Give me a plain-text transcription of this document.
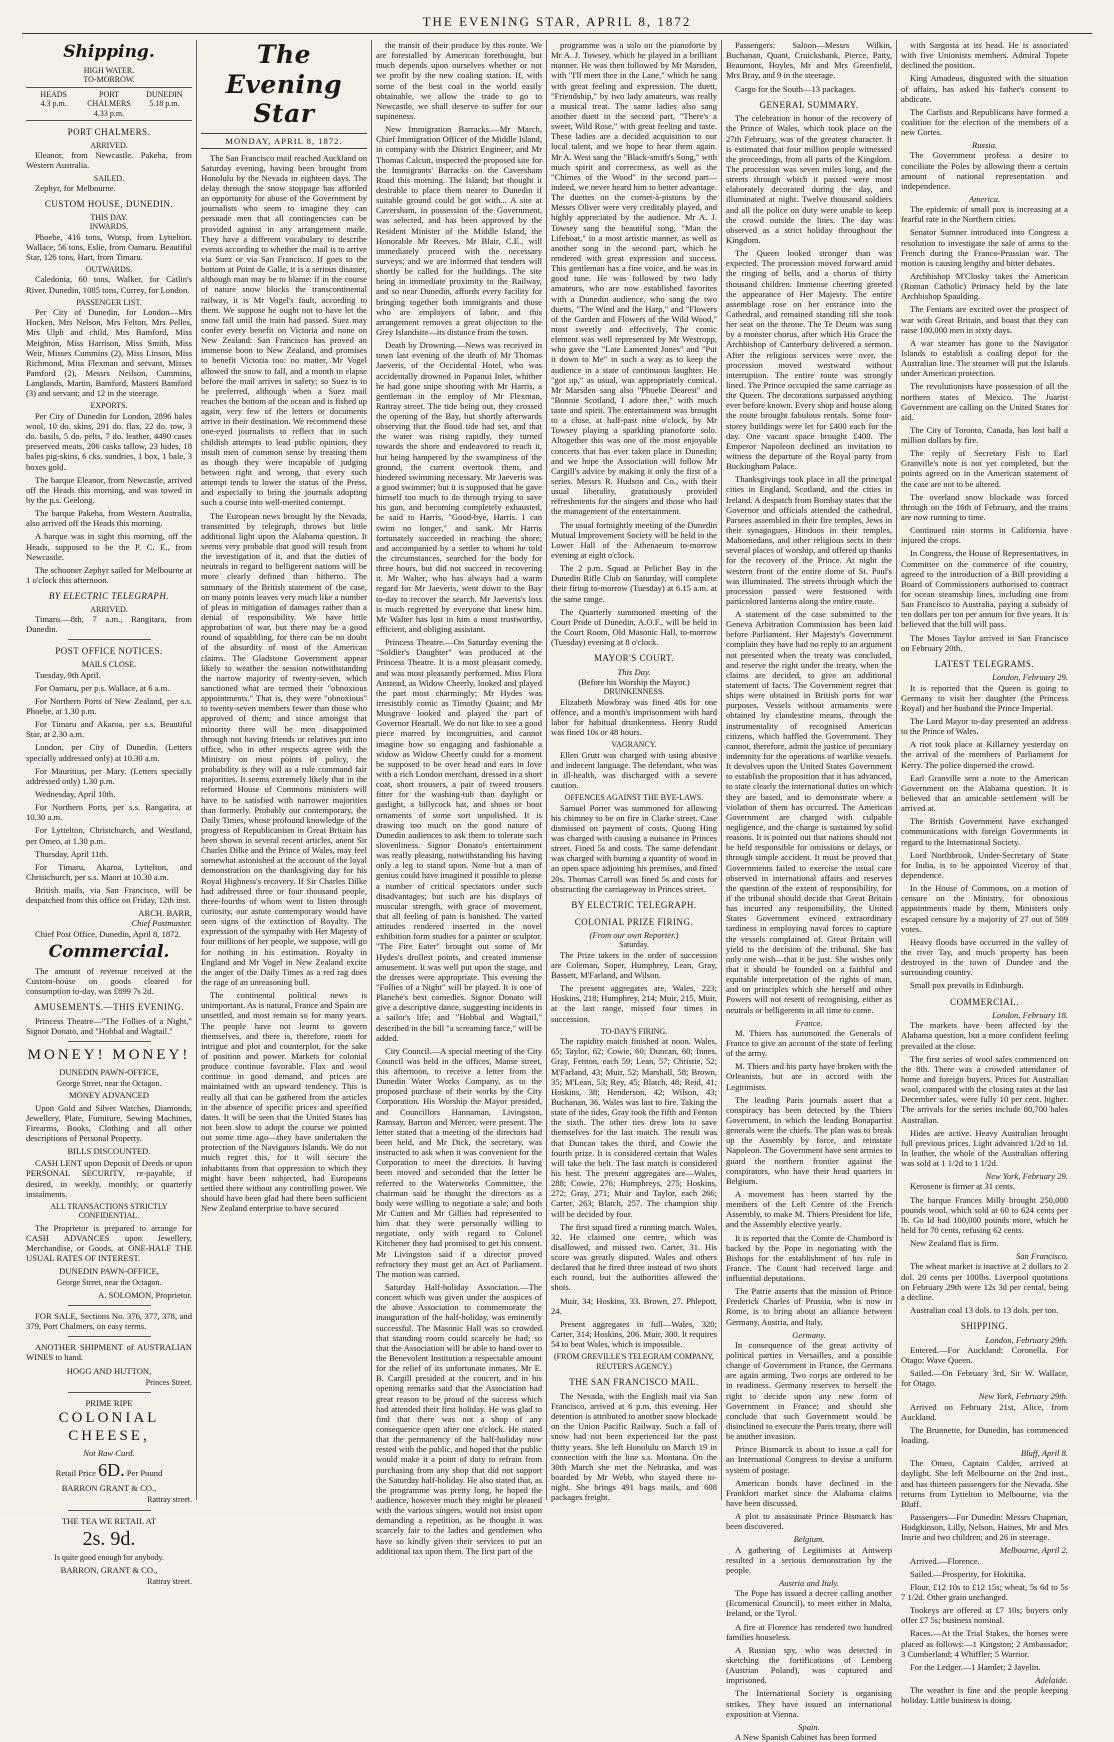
THE EVENING STAR, APRIL 8, 1872
Shipping.
HIGH WATER.
TO-MORROW.
HEADS
4.3 p.m.
PORT CHALMERS
4.33 p.m.
DUNEDIN
5.18 p.m.
PORT CHALMERS.
ARRIVED.

Eleanor, from Newcastle. Pakeha, from Western Australia.

SAILED.

Zephyr, for Melbourne.

CUSTOM HOUSE, DUNEDIN.
THIS DAY.
INWARDS.

Phoebe, 416 tons, Worsp, from Lyttelton. Wallace, 56 tons, Eslie, from Oamaru. Beautiful Star, 126 tons, Hart, from Timaru.

OUTWARDS.

Caledonia, 60 tons, Walker, for Catlin's River. Dunedin, 1085 tons, Currey, for London.

PASSENGER LIST.

Per City of Dunedin, for London—Mrs Hocken, Mrs Nelson, Mrs Felton, Mrs Pelles, Mrs Ulph and child, Mrs Bamford, Miss Meighton, Miss Harrison, Miss Smith, Miss Weir, Misses Cummins (2), Miss Linson, Miss Richmond, Miss Flexman and servant, Misses Pamford (2), Messrs Neilson, Cummins, Langlands, Martin, Bamford, Masters Bamford (3) and servant; and 12 in the steerage.

EXPORTS.

Per City of Dunedin for London, 2896 bales wool, 10 do. skins, 291 do. flax, 22 do. tow, 3 do. basils, 5 do. pelts, 7 do. leather, 4490 cases preserved meats, 206 casks tallow, 23 hides, 18 bales pig-skins, 6 cks. sundries, 1 box, 1 bale, 3 boxes gold.

The barque Eleanor, from Newcastle, arrived off the Heads this morning, and was towed in by the p.s. Geelong.

The barque Pakeha, from Western Australia, also arrived off the Heads this morning.

A barque was in sight this morning, off the Heads, supposed to be the P. C. E., from Newcastle.

The schooner Zephyr sailed for Melbourne at 1 o'clock this afternoon.

BY ELECTRIC TELEGRAPH.
ARRIVED.

Timaru.—8th, 7 a.m., Rangitara, from Dunedin.

POST OFFICE NOTICES.
MAILS CLOSE.

Tuesday, 9th April.

For Oamaru, per p.s. Wallace, at 6 a.m.

For Northern Ports of New Zealand, per s.s. Phoebe, at 1.30 p.m.

For Timaru and Akaroa, per s.s. Beautiful Star, at 2.30 a.m.

London, per City of Dunedin. (Letters specially addressed only) at 10.30 a.m.

For Mauritius, per Mary. (Letters specially addressed only) 1.30 p.m.

Wednesday, April 10th.

For Northern Ports, per s.s. Rangatira, at 10.30 a.m.

For Lyttelton, Christchurch, and Westland, per Omeo, at 1.30 p.m.

Thursday, April 11th.

For Timaru, Akaroa, Lyttelton, and Christchurch, per s.s. Maori at 10.30 a.m.

British mails, via San Francisco, will be despatched from this office on Friday, 12th inst.

ARCH. BARR,
Chief Postmaster.

Chief Post Office, Dunedin, April 8, 1872.

Commercial.

The amount of revenue received at the Custom-house on goods cleared for consumption to-day, was £899 7s 2d.

AMUSEMENTS.—THIS EVENING.

Princess Theatre—"The Follies of a Night," Signor Donato, and "Hobbal and Wagtail."

MONEY! MONEY!
DUNEDIN PAWN-OFFICE,
George Street, near the Octagon.
MONEY ADVANCED

Upon Gold and Silver Watches, Diamonds, Jewellery, Plate, Furniture, Sewing Machines, Firearms, Books, Clothing and all other descriptions of Personal Property.

BILLS DISCOUNTED.

CASH LENT upon Deposit of Deeds or upon PERSONAL SECURITY, re-payable, if desired, in weekly, monthly, or quarterly instalments.

ALL TRANSACTIONS STRICTLY CONFIDENTIAL.

The Proprietor is prepared to arrange for CASH ADVANCES upon Jewellery, Merchandise, or Goods, at ONE-HALF THE USUAL RATES OF INTEREST.

DUNEDIN PAWN-OFFICE,
George Street, near the Octagon.
A. SOLOMON, Proprietor.

FOR SALE, Sections No. 376, 377, 378, and 379, Port Chalmers, on easy terms.

ANOTHER SHIPMENT of AUSTRALIAN WINES to hand.

HOGG AND HUTTON,
Princes Street.
PRIME RIPE
COLONIAL CHEESE,
Not Raw Curd.
Retail Price 6D. Per Pound
BARRON GRANT & CO.,
Rattray street.
THE TEA WE RETAIL AT
2s. 9d.
Is quite good enough for anybody.
BARRON, GRANT & CO.,
Rattray street.
The Evening Star
MONDAY, APRIL 8, 1872.

The San Francisco mail reached Auckland on Saturday evening, having been brought from Honolulu by the Nevada in eighteen days. The delay through the snow stoppage has afforded an opportunity for abuse of the Government by journalists who seem to imagine they can persuade men that all contingencies can be provided against in any arrangement made. They have a different vocabulary to describe events according to whether the mail is to arrive via Suez or via San Francisco. If goes to the bottom at Point de Galle, it is a serious disaster, although man may be to blame: if in the course of nature snow blocks the transcontinental railway, it is Mr Vogel's fault, according to them. We suppose he ought not to have let the snow fall until the train had passed. Suez may confer every benefit on Victoria and none on New Zealand: San Francisco has proved an immense boon to New Zealand, and promises to benefit Victoria too: no matter, Mr Vogel allowed the snow to fall, and a month to elapse before the mail arrives in safety; so Suez is to be preferred, although when a Suez mail reaches the bottom of the ocean and is fished up again, very few of the letters or documents arrive in their destination. We recommend these one-eyed journalists to reflect that in such childish attempts to lead public opinion, they insult men of common sense by treating them as though they were incapable of judging between right and wrong, that every such attempt tends to lower the status of the Press, and especially to bring the journals adopting such a course into well-merited contempt.

The European news brought by the Nevada, transmitted by telegraph, throws but little additional light upon the Alabama question. It seems very probable that good will result from the investigation of it, and that the duties of neutrals in regard to belligerent nations will be more clearly defined than hitherto. The summary of the British statement of the case, on many points leaves very much like a number of pleas in mitigation of damages rather than a denial of responsibility. We have little approbation of war, but there may be a good round of squabbling, for there can be no doubt of the absurdity of most of the American claims. The Gladstone Government appear likely to weather the session notwithstanding the narrow majority of twenty-seven, which sanctioned what are termed their "obnoxious appointments." That is, they were "obnoxious" to twenty-seven members fewer than those who approved of them; and since amongst that minority there will be men disappointed through not having friends or relatives put into office, who in other respects agree with the Ministry on most points of policy, the probability is they will as a rule command fair majorities. It seems extremely likely that in the reformed House of Commons ministers will have to be satisfied with narrower majorities than formerly. Probably our contemporary, the Daily Times, whose profound knowledge of the progress of Republicanism in Great Britain has been shown in several recent articles, anent Sir Charles Dilke and the Prince of Wales, may feel somewhat astonished at the account of the loyal demonstration on the thanksgiving day for his Royal Highness's recovery. If Sir Charles Dilke had addressed three or four thousand people, three-fourths of whom went to listen through curiosity, our astute contemporary would have seen signs of the extinction of Royalty. The expression of the sympathy with Her Majesty of four millions of her people, we suppose, will go for nothing in his estimation. Royalty in England and Mr Vogel in New Zealand excite the anger of the Daily Times as a red rag does the rage of an unreasoning bull.

The continental political news is unimportant. As is natural, France and Spain are unsettled, and most remain so for many years. The people have not learnt to govern themselves, and there is, therefore, room for intrigue and plot and counterplot, for the sake of position and power. Markets for colonial produce continue favorable. Flax and wool continue in good demand, and prices are maintained with an upward tendency. This is really all that can be gathered from the articles in the absence of specific prices and specified dates. It will be seen that the United States has not been slow to adopt the course we pointed out some time ago—they have undertaken the protection of the Navigators Islands. We do not much regret this, for it will secure the inhabitants from that oppression to which they might have been subjected, had Europeans settled there without any controlling power. We should have been glad had there been sufficient New Zealand enterprise to have secured

the transit of their produce by this route. We are forestalled by American forethought, but much depends upon ourselves whether or not we profit by the new coaling station. If, with some of the best coal in the world easily obtainable, we allow the trade to go to Newcastle, we shall deserve to suffer for our supineness.

New Immigration Barracks.—Mr March, Chief Immigration Officer of the Middle Island, in company with the District Engineer, and Mr Thomas Calcutt, inspected the proposed site for the Immigrants' Barracks on the Caversham Road this morning. The Island; but thought it desirable to place them nearer to Dunedin if suitable ground could be got with... A site at Caversham, in possession of the Government, was selected, and has been approved by the Resident Minister of the Middle Island, the Honorable Mr Reeves. Mr Blair, C.E., will immediately proceed with the necessary surveys; and we are informed that tenders will shortly be called for the buildings. The site being in immediate proximity to the Railway, and so near Dunedin, affords every facility for bringing together both immigrants and those who are employers of labor, and this arrangement removes a great objection to the Grey Islandsite—its distance from the town.

Death by Drowning.—News was received in town last evening of the death of Mr Thomas Jaeveris, of the Occidental Hotel, who was accidentally drowned in Papanui Inlet, whither he had gone snipe shooting with Mr Harris, a gentleman in the employ of Mr Flexman, Rattray street. The tide being out, they crossed the opening of the Bay, but shortly afterwards observing that the flood tide had set, and that the water was rising rapidly, they turned towards the shore and endeavored to reach it, but being hampered by the swampiness of the ground, the current overtook them, and hindered swimming necessary. Mr Jaeveris was a good swimmer; but it is supposed that he gave himself too much to do through trying to save his gun, and becoming completely exhausted, he said to Harris, "Good-bye, Harris. I can swim no longer," and sank. Mr Harris fortunately succeeded in reaching the shore; and accompanied by a settler to whom he told the circumstances, searched for the body for three hours, but did not succeed in recovering it. Mr Walter, who has always had a warm regard for Mr Jaeveris, went down to the Bay to-day to recover the search. Mr Jaeveris's loss is much regretted by everyone that knew him. Mr Walter has lost in him a most trustworthy, efficient, and obliging assistant.

Princess Theatre.—On Saturday evening the "Soldier's Daughter" was produced at the Princess Theatre. It is a most pleasant comedy, and was most pleasantly performed. Miss Flora Anstead, as Widow Cheerly, looked and played the part most charmingly; Mr Hydes was irresistibly comic as Timothy Quaint; and Mr Musgrave looked and played the part of Governor Heartall. We do not like to see a good piece marred by incongruities, and cannot imagine how so engaging and fashionable a widow as Widow Cheerly could for a moment be supposed to be over head and ears in love with a rich London merchant, dressed in a short coat, short trousers, a pair of tweed trousers fitter for the washing-tub than daylight or gaslight, a billycock hat, and shoes or boot ornaments of some sort unpolished. It is drawing too much on the good nature of Dunedin audiences to ask them to tolerate such slovenliness. Signor Donato's entertainment was really pleasing, notwithstanding his having only a leg to stand upon. None but a man of genius could have imagined it possible to please a number of critical spectators under such disadvantages; but such are his displays of muscular strength, with grace of movement, that all feeling of pain is banished. The varied attitudes rendered inserted in the novel exhibition form studies for a painter or sculptor. "The Fire Eater" brought out some of Mr Hydes's drollest points, and created immense amusement. It was well put upon the stage, and the dresses were appropriate. This evening the "Follies of a Night" will be played. It is one of Planche's best comedies. Signor Donato will give a descriptive dance, suggesting incidents in a sailor's life; and "Hobbal and Wagtail," described in the bill "a screaming farce," will be added.

City Council.—A special meeting of the City Council was held in the offices, Manse street, this afternoon, to receive a letter from the Dunedin Water Works Company, as to the proposed purchase of their works by the City Corporation. His Worship the Mayor presided, and Councillors Hannaman, Livingston, Ramsay, Barron and Mercer, were present. The letter stated that a meeting of the directors had been held, and Mr Dick, the secretary, was instructed to ask when it was convenient for the Corporation to meet the directors. It having been moved and seconded that the letter be referred to the Waterworks Committee, the chairman said he thought the directors as a body were willing to negotiate a sale; and both Mr Cutten and Mr Gillies had represented to him that they were personally willing to negotiate, only with regard to Colonel Kitchener they had promised to get his consent. Mr Livingston said if a director proved refractory they must get an Act of Parliament. The motion was carried.

Saturday Half-holiday Association.—The concert which was given under the auspices of the above Association to commemorate the inauguration of the half-holiday, was eminently successful. The Masonic Hall was so crowded that standing room could scarcely be had; so that the Association will be able to hand over to the Benevolent Institution a respectable amount for the relief of its unfortunate inmates. Mr E. B. Cargill presided at the concert, and in his opening remarks said that the Association had great reason to be proud of the success which had attended their first holiday. He was glad to find that there was not a shop of any consequence open after one o'clock. He stated that the permanency of the half-holiday now rested with the public, and hoped that the public would make it a point of duty to refrain from purchasing from any shop that did not support the Saturday half-holiday. He also stated that, as the programme was pretty long, he hoped the audience, however much they might be pleased with the various singers, would not insist upon demanding a repetition, as he thought it was scarcely fair to the ladies and gentlemen who have so kindly given their services to put an additional tax upon them. The first part of the

programme was a solo on the pianoforte by Mr A. J. Towsey, which he played in a brilliant manner. He was then followed by Mr Marsden, with "I'll meet thee in the Lane," which he sang with great feeling and expression. The duett, "Friendship," by two lady amateurs, was really a musical treat. The same ladies also sang another duett in the second part, "There's a sweet, Wild Rose," with great feeling and taste. These ladies are a decided acquisition to our local talent, and we hope to hear them again. Mr A. West sang the "Black-smith's Song," with much spirit and correctness, as well as the "Chimes of the Wood" in the second part—indeed, we never heard him to better advantage. The duettes on the cornet-à-pistons by the Messrs Oliver were very creditably played, and highly appreciated by the audience. Mr A. J. Towsey sang the beautiful song, "Man the Lifeboat," in a most artistic manner, as well as another song in the second part, which he rendered with great expression and success. This gentleman has a fine voice, and he was in good tune. He was followed by two lady amateurs, who are now established favorites with a Dunedin audience, who sang the two duetts, "The Wind and the Harp," and "Flowers of the Garden and Flowers of the Wild Wood," most sweetly and effectively. The comic element was well represented by Mr Westropp, who gave the "Late Lamented Jones" and "Put it down to Me" in such a way as to keep the audience in a state of continuous laughter. He "got up," as usual, was appropriately comical. Mr Marsden sang also "Phoebe Dearest" and "Bonnie Scotland, I adore thee," with much taste and spirit. The entertainment was brought to a close, at half-past nine o'clock, by Mr Towsey playing a sparkling pianoforte solo. Altogether this was one of the most enjoyable concerts that has ever taken place in Dunedin; and we hope the Association will follow Mr Cargill's advice by making it only the first of a series. Messrs R. Hudson and Co., with their usual liberality, gratuitously provided refreshments for the singers and those who had the management of the entertainment.

The usual fortnightly meeting of the Dunedin Mutual Improvement Society will be held in the Lower Hall of the Athenaeum to-morrow evening at eight o'clock.

The 2 p.m. Squad at Pelichet Bay in the Dunedin Rifle Club on Saturday, will complete their firing to-morrow (Tuesday) at 6.15 a.m. at the same range.

The Quarterly summoned meeting of the Court Pride of Dunedin, A.O.F., will be held in the Court Room, Old Masonic Hall, to-morrow (Tuesday) evening at 8 o'clock.

MAYOR'S COURT.
This Day.
(Before his Worship the Mayor.)
DRUNKENNESS.

Elizabeth Mowbray was fined 40s for one offence, and a month's imprisonment with hard labor for habitual drunkenness. Henry Rudd was fined 10s or 48 hours.

VAGRANCY.

Ellen Grutt was charged with using abusive and indecent language. The defendant, who was in ill-health, was discharged with a severe caution.

OFFENCES AGAINST THE BYE-LAWS.

Samuel Porter was summoned for allowing his chimney to be on fire in Clarke street. Case dismissed on payment of costs. Quong Hing was charged with causing a nuisance in Princes street. Fined 5s and costs. The same defendant was charged with burning a quantity of wood in an open space adjoining his premises, and fined 20s. Thomas Carroll was fined 5s and costs for obstructing the carriageway in Princes street.

BY ELECTRIC TELEGRAPH.
COLONIAL PRIZE FIRING.
(From our own Reporter.)
Saturday.

The Prize takers in the order of succession are Coleman, Soper, Humphrey, Lean, Gray, Bassett, M'Farland, and Wilson.

The present aggregates are, Wales, 223; Hoskins, 218; Humphrey, 214; Muir, 215, Muir, at the last range, missed four times in succession.

TO-DAY'S FIRING.

The rapidity match finished at noon. Wales, 65; Taylor, 62; Cowie, 60; Duncan, 60; Innes, Gray, Fenton, each 59; Lean, 57; Christie, 52; M'Farland, 43; Muir, 52; Marshall, 58; Brown, 35; M'Lean, 53; Rey, 45; Blatch, 48; Reid, 41; Hoskins, 38; Henderson, 42; Wilson, 43; Buchanan, 36. Wales was last to fire. Taking the state of the tides, Gray took the fifth and Fenton the sixth. The other ties drew lots to save themselves for the last match. The result was that Duncan takes the third, and Cowie the fourth prize. It is considered certain that Wales will take the belt. The last match is considered his best. The present aggregates are—Wales, 288; Cowie, 276; Humphreys, 275; Hoskins, 272; Gray, 271; Muir and Taylor, each 266; Carter, 263; Blatch, 257. The champion ship will be decided by four.

The first squad fired a running match. Wales, 32. He claimed one centre, which was disallowed, and missed two. Carter, 31. His score was greatly disputed. Wales and others declared that he fired three instead of two shots each round, but the authorities allowed the shots.

Muir, 34; Hoskins, 33. Brown, 27. Phlepott, 24.

Present aggregates in full—Wales, 320; Carter, 314; Hoskins, 206. Muir, 300. It requires 54 to beat Wales, which is impossible.

(FROM GREVILLE'S TELEGRAM COMPANY, REUTER'S AGENCY.)
THE SAN FRANCISCO MAIL.

The Nevada, with the English mail via San Francisco, arrived at 6 p.m. this evening. Her detention is attributed to another snow blockade on the Union Pacific Railway. Such a fall of snow had not been experienced for the past thirty years. She left Honolulu on March 19 in connection with the line s.s. Montana. On the 30th March she met the Nebraska, and was boarded by Mr Webb, who stayed there to-night. She brings 491 bags mails, and 608 packages freight.

Passengers: Saloon—Messrs Wilkin, Buchanan, Quant, Cruickshank, Pierce, Patty, Beaumont, Hoyles, Mr and Mrs Greenfield, Mrs Bray, and 9 in the steerage.

Cargo for the South—13 packages.

GENERAL SUMMARY.

The celebration in honor of the recovery of the Prince of Wales, which took place on the 27th February, was of the greatest character. It is estimated that four million people witnessed the proceedings, from all parts of the Kingdom. The procession was seven miles long, and the streets through which it passed were most elaborately decorated during the day, and illuminated at night. Twelve thousand soldiers and all the police on duty were unable to keep the crowd outside the lines. The day was observed as a strict holiday throughout the Kingdom.

The Queen looked stronger than was expected. The procession moved forward amid the ringing of bells, and a chorus of thirty thousand children. Immense cheering greeted the appearance of Her Majesty. The entire assemblage rose on her entrance into the Cathedral, and remained standing till she took her seat on the throne. The Te Deum was sung by a monster chorus, after which His Grace the Archbishop of Canterbury delivered a sermon. After the religious services were over, the procession moved westward without interruption. The entire route was strongly lined. The Prince occupied the same carriage as the Queen. The decorations surpassed anything ever before known. Every shop and house along the route brought fabulous rentals. Some four-storey buildings were let for £400 each for the day. One vacant space brought £400. The Emperor Napoleon declined an invitation to witness the departure of the Royal party from Buckingham Palace.

Thanksgivings took place in all the principal cities in England, Scotland, and the cities in Ireland. A despatch from Bombay states that the Governor and officials attended the cathedral, Parsees assembled in their fire temples, Jews in their synagogues, Hindoos in their temples, Mahomedans, and other religious sects in their several places of worship, and offered up thanks for the recovery of the Prince. At night the western front of the entire dome of St. Paul's was illuminated. The streets through which the procession passed were festooned with particolored lanterns along the entire route.

A statement of the case submitted to the Geneva Arbitration Commission has been laid before Parliament. Her Majesty's Government complain they have had no reply to an argument not presented when the treaty was concluded, and reserve the right under the treaty, when the claims are decided, to give an additional statement of facts. The Government regret that ships were obtained in British ports for war purposes. Vessels without armaments were obtained by clandestine means, through the instrumentality of recognised American citizens, which baffled the Government. They cannot, therefore, admit the justice of pecuniary indemnity for the operations of warlike vessels. It devolves upon the United States Government to establish the proposition that it has advanced, to state clearly the international duties on which they are based, and to demonstrate where a violation of them has occurred. The American Government are charged with culpable negligence, and the charge is sustained by solid reasons. It is pointed out that nations should not be held responsible for omissions or delays, or through simple accident. It must be proved that Governments failed to exercise the usual care observed in international affairs and reserves the question of the extent of responsibility, for if the tribunal should decide that Great Britain has incurred any responsibility, the United States Government evinced extraordinary tardiness in employing naval forces to capture the vessels complained of. Great Britain will yield to the decision of the tribunal. She has only one wish—that it be just. She wishes only that it should be founded on a faithful and equitable interpretation of the rights of man, and on principles which she herself and other Powers will not resent of recognising, either as neutrals or belligerents in all time to come.

France.

M. Thiers has summoned the Generals of France to give an account of the state of feeling of the army.

M. Thiers and his party have broken with the Orleanists, but are in accord with the Legitimists.

The leading Paris journals assert that a conspiracy has been detected by the Thiers Government, in which the leading Bonapartist generals were the chiefs. The plan was to break up the Assembly by force, and reinstate Napoleon. The Government have sent armies to guard the northern frontier against the conspirators, who have their head quarters in Belgium.

A movement has been started by the members of the Left Centre of the French Assembly, to make M. Thiers President for life, and the Assembly elective yearly.

It is reported that the Comte de Chambord is backed by the Pope in negotiating with the Bishops for the establishment of his rule in France. The Count had received large and influential deputations.

The Patrie asserts that the mission of Prince Frederick Charles of Prussia, who is now in Rome, is to bring about an alliance between Germany, Austria, and Italy.

Germany.

In consequence of the great activity of political parties in Versailles, and a possible change of Government in France, the Germans are again arming. Two corps are ordered to be in readiness. Germany reserves to herself the right to decide upon any new form of Government in France; and should she conclude that such Government would be disinclined to execute the Paris treaty, there will be another invasion.

Prince Bismarck is about to issue a call for an International Congress to devise a uniform system of postage.

American bonds have declined in the Frankfort market since the Alabama claims have been discussed.

A plot to assassinate Prince Bismarck has been discovered.

Belgium.

A gathering of Legitimists at Antwerp resulted in a serious demonstration by the people.

Austria and Italy.

The Pope has issued a decree calling another (Ecumenical Council), to meet either in Malta, Ireland, or the Tyrol.

A fire at Florence has rendered two hundred families houseless.

A Russian spy, who was detected in sketching the fortifications of Lemberg (Austrian Poland), was captured and imprisoned.

The International Society is organising strikes. They have issued an international exposition at Vienna.

Spain.

A New Spanish Cabinet has been formed

with Sargosta at its head. He is associated with five Unionists members. Admiral Topete declined the position.

King Amadeus, disgusted with the situation of affairs, has asked his father's consent to abdicate.

The Carlists and Republicans have formed a coalition for the election of the members of a new Cortes.

Russia.

The Government profess a desire to conciliate the Poles by allowing them a certain amount of national representation and independence.

America.

The epidemic of small pox is increasing at a fearful rate in the Northern cities.

Senator Sumner introduced into Congress a resolution to investigate the sale of arms to the French during the Franco-Prussian war. The motion is causing lengthy and bitter debates.

Archbishop M'Closky takes the American (Roman Catholic) Primacy held by the late Archbishop Spaulding.

The Fenians are excited over the prospect of war with Great Britain, and boast that they can raise 100,000 men in sixty days.

A war steamer has gone to the Navigator Islands to establish a coaling depot for the Australian line. The steamer will put the Islands under American protection.

The revolutionists have possession of all the northern states of Mexico. The Juarist Government are calling on the United States for aid.

The City of Toronto, Canada, has lost half a million dollars by fire.

The reply of Secretary Fish to Earl Granville's note is not yet completed, but the points agreed on in the American statement of the case are not to be altered.

The overland snow blockade was forced through on the 16th of February, and the trains are now running to time.

Continued rain storms in California have injured the crops.

In Congress, the House of Representatives, in Committee on the commerce of the country, agreed to the introduction of a Bill providing a Board of Commissioners authorised to contract for ocean steamship lines, including one from San Francisco to Australia, paying a subsidy of ten dollars per ton per annum for five years. It is believed that the bill will pass.

The Moses Taylor arrived in San Francisco on February 20th.

LATEST TELEGRAMS.
London, February 29.

It is reported that the Queen is going to Germany to visit her daughter (the Princess Royal) and her husband the Prince Imperial.

The Lord Mayor to-day presented an address to the Prince of Wales.

A riot took place at Killarney yesterday on the arrival of the members of Parliament for Kerry. The police dispersed the crowd.

Earl Granville sent a note to the American Government on the Alabama question. It is believed that an amicable settlement will be arrived at.

The British Government have exchanged communications with foreign Governments in regard to the International Society.

Lord Northbrook, Under-Secretary of State for India, is to be appointed Viceroy of that dependence.

In the House of Commons, on a motion of censure on the Ministry, for obnoxious appointments made by them, Ministers only escaped censure by a majority of 27 out of 509 votes.

Heavy floods have occurred in the valley of the river Tay, and much property has been destroyed in the town of Dundee and the surrounding country.

Small pox prevails in Edinburgh.

COMMERCIAL.
London, February 18.

The markets have been affected by the Alabama question, but a more confident feeling prevailed at the close.

The first series of wool sales commenced on the 8th. There was a crowded attendance of home and foreign buyers. Prices for Australian wool, compared with the closing rates at the last December sales, were fully 10 per cent. higher. The arrivals for the series include 80,700 bales Australian.

Hides are active. Heavy Australian brought full previous prices. Light advanced 1/2d to 1d. In leather, the whole of the Australian offering was sold at 1 1/2d to 1 1/2d.

New York, February 29.

Kerosene is firmer at 31 cents.

The barque Frances Milly brought 250,000 pounds wool, which sold at 60 to 624 cents per lb. Go Id had 100,000 pounds more, which he held for 70 cents, refusing 62 cents.

New Zealand flax is firm.

San Francisco.

The wheat market is inactive at 2 dollars to 2 dol. 20 cents per 100lbs. Liverpool quotations on February 29th were 12s 3d per cental, being a decline.

Australian coal 13 dols. to 13 dols. per ton.

SHIPPING.
London, February 29th.

Entered.—For Auckland: Coronella. For Otago: Wave Queen.

Sailed.—On February 3rd, Sir W. Wallace, for Otago.

New York, February 29th.

Arrived on February 21st, Alice, from Auckland.

The Brunnette, for Dunedin, has commenced loading.

Bluff, April 8.

The Omeo, Captain Calder, arrived at daylight. She left Melbourne on the 2nd inst., and has thirteen passengers for the Nevada. She returns from Lyttelton to Melbourne, via the Bluff.

Passengers—For Dunedin: Messrs Chapman, Hodgkinson, Lilly, Nelson, Haines, Mr and Mrs Insrie and two children; and 26 in steerage.

Melbourne, April 2.

Arrived.—Florence.

Sailed.—Prosperity, for Hokitika.

Flour, £12 10s to £12 15s; wheat, 5s 6d to 5s 7 1/2d. Other grain unchanged.

Tookeys are offered at £7 10s; buyers only offer £7 5s; business nominal.

Races.—At the Trial Stakes, the horses were placed as follows:—1 Kingston; 2 Ambassador; 3 Cumberland; 4 Whiffler; 5 Warrior.

For the Ledger.—1 Hamlet; 2 Javelin.

Adelaide.

The weather is fine and the people keeping holiday. Little business is doing.
